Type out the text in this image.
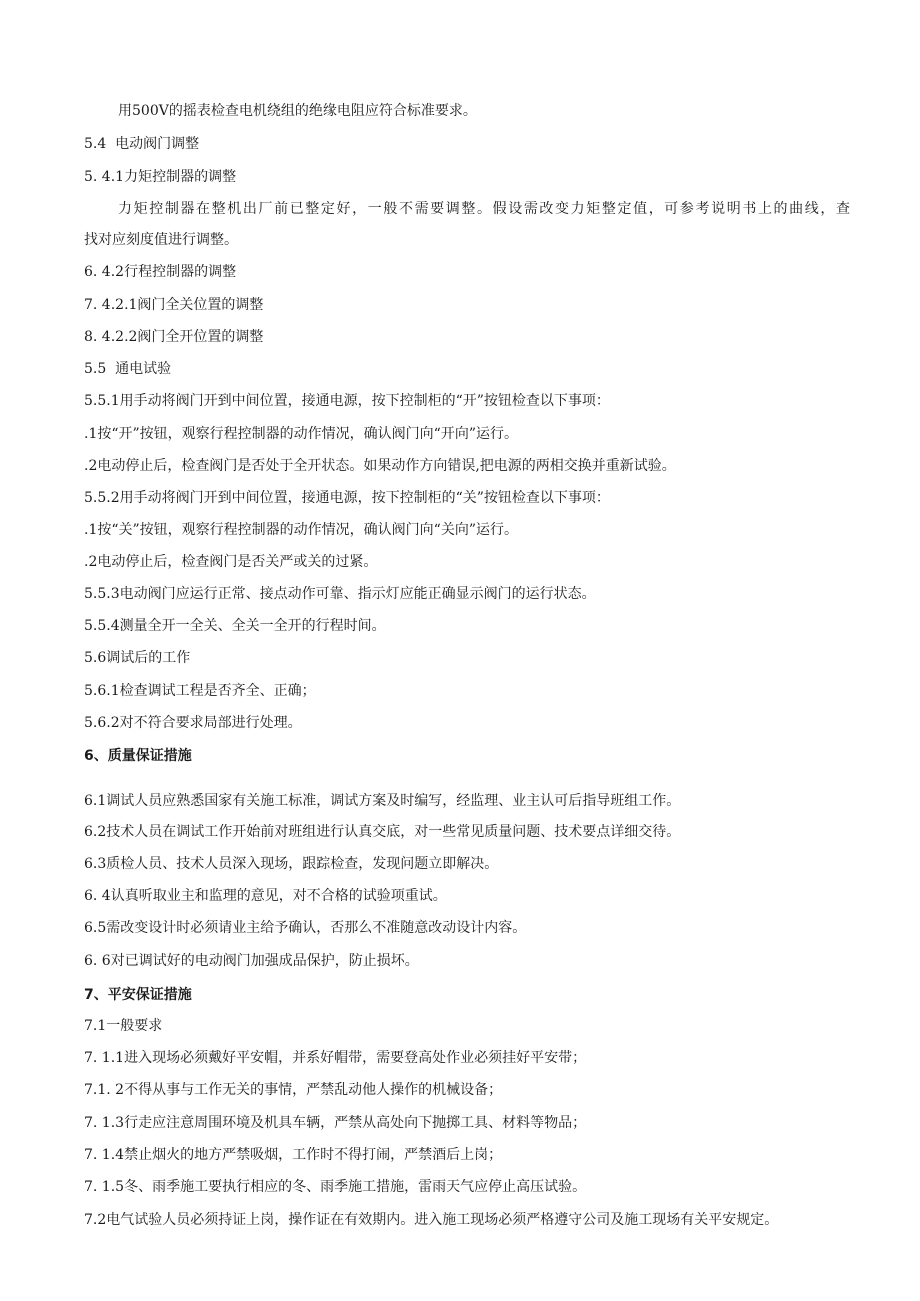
用500V的摇表检查电机绕组的绝缘电阻应符合标准要求。
5.4  电动阀门调整
5. 4.1力矩控制器的调整
力矩控制器在整机出厂前已整定好，一般不需要调整。假设需改变力矩整定值，可参考说明书上的曲线，查
找对应刻度值进行调整。
6. 4.2行程控制器的调整
7. 4.2.1阀门全关位置的调整
8. 4.2.2阀门全开位置的调整
5.5  通电试验
5.5.1用手动将阀门开到中间位置，接通电源，按下控制柜的“开”按钮检查以下事项：
.1按“开”按钮，观察行程控制器的动作情况，确认阀门向“开向”运行。
.2电动停止后，检查阀门是否处于全开状态。如果动作方向错误,把电源的两相交换并重新试验。
5.5.2用手动将阀门开到中间位置，接通电源，按下控制柜的“关”按钮检查以下事项：
.1按“关”按钮，观察行程控制器的动作情况，确认阀门向“关向”运行。
.2电动停止后，检查阀门是否关严或关的过紧。
5.5.3电动阀门应运行正常、接点动作可靠、指示灯应能正确显示阀门的运行状态。
5.5.4测量全开一全关、全关一全开的行程时间。
5.6调试后的工作
5.6.1检查调试工程是否齐全、正确；
5.6.2对不符合要求局部进行处理。
6、质量保证措施
6.1调试人员应熟悉国家有关施工标准，调试方案及时编写，经监理、业主认可后指导班组工作。
6.2技术人员在调试工作开始前对班组进行认真交底，对一些常见质量问题、技术要点详细交待。
6.3质检人员、技术人员深入现场，跟踪检查，发现问题立即解决。
6. 4认真听取业主和监理的意见，对不合格的试验项重试。
6.5需改变设计时必须请业主给予确认，否那么不准随意改动设计内容。
6. 6对已调试好的电动阀门加强成品保护，防止损坏。
7、平安保证措施
7.1一般要求
7. 1.1进入现场必须戴好平安帽，并系好帽带，需要登高处作业必须挂好平安带；
7.1. 2不得从事与工作无关的事情，严禁乱动他人操作的机械设备；
7. 1.3行走应注意周围环境及机具车辆，严禁从高处向下抛掷工具、材料等物品；
7. 1.4禁止烟火的地方严禁吸烟，工作时不得打闹，严禁酒后上岗；
7. 1.5冬、雨季施工要执行相应的冬、雨季施工措施，雷雨天气应停止高压试验。
7.2电气试验人员必须持证上岗，操作证在有效期内。进入施工现场必须严格遵守公司及施工现场有关平安规定。
